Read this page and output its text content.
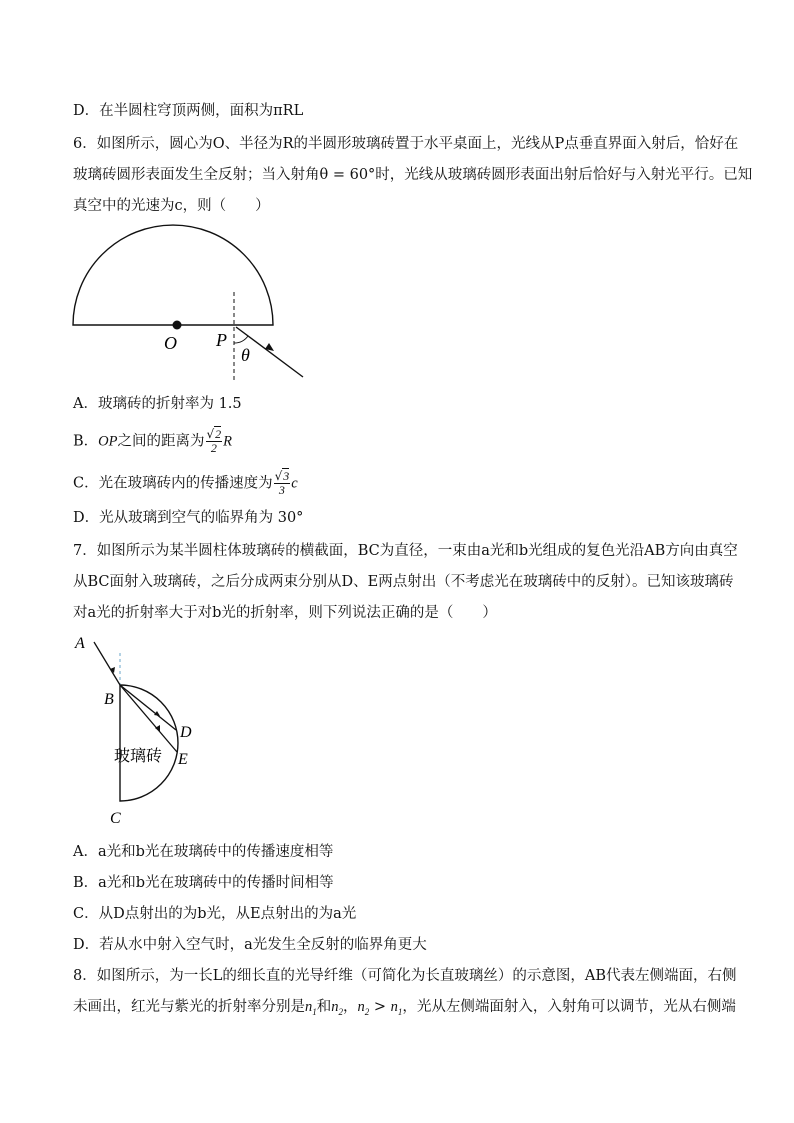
D．在半圆柱穹顶两侧，面积为πRL
6．如图所示，圆心为O、半径为R的半圆形玻璃砖置于水平桌面上，光线从P点垂直界面入射后，恰好在
玻璃砖圆形表面发生全反射；当入射角θ = 60°时，光线从玻璃砖圆形表面出射后恰好与入射光平行。已知
真空中的光速为c，则（　　）
O P
θ
A．玻璃砖的折射率为 1.5
B．OP之间的距离为 $\frac{√2}{2}$ R
C．光在玻璃砖内的传播速度为 $\frac{√3}{3}$ c
D．光从玻璃到空气的临界角为 30°
7．如图所示为某半圆柱体玻璃砖的横截面，BC为直径，一束由a光和b光组成的复色光沿AB方向由真空
从BC面射入玻璃砖，之后分成两束分别从D、E两点射出（不考虑光在玻璃砖中的反射）。已知该玻璃砖
对a光的折射率大于对b光的折射率，则下列说法正确的是（　　）
A
B
D
E
玻璃砖
C
A．a光和b光在玻璃砖中的传播速度相等
B．a光和b光在玻璃砖中的传播时间相等
C．从D点射出的为b光，从E点射出的为a光
D．若从水中射入空气时，a光发生全反射的临界角更大
8．如图所示，为一长L的细长直的光导纤维（可简化为长直玻璃丝）的示意图，AB代表左侧端面，右侧
未画出，红光与紫光的折射率分别是$n_1$和$n_2$，$n_2 > n_1$，光从左侧端面射入，入射角可以调节，光从右侧端
